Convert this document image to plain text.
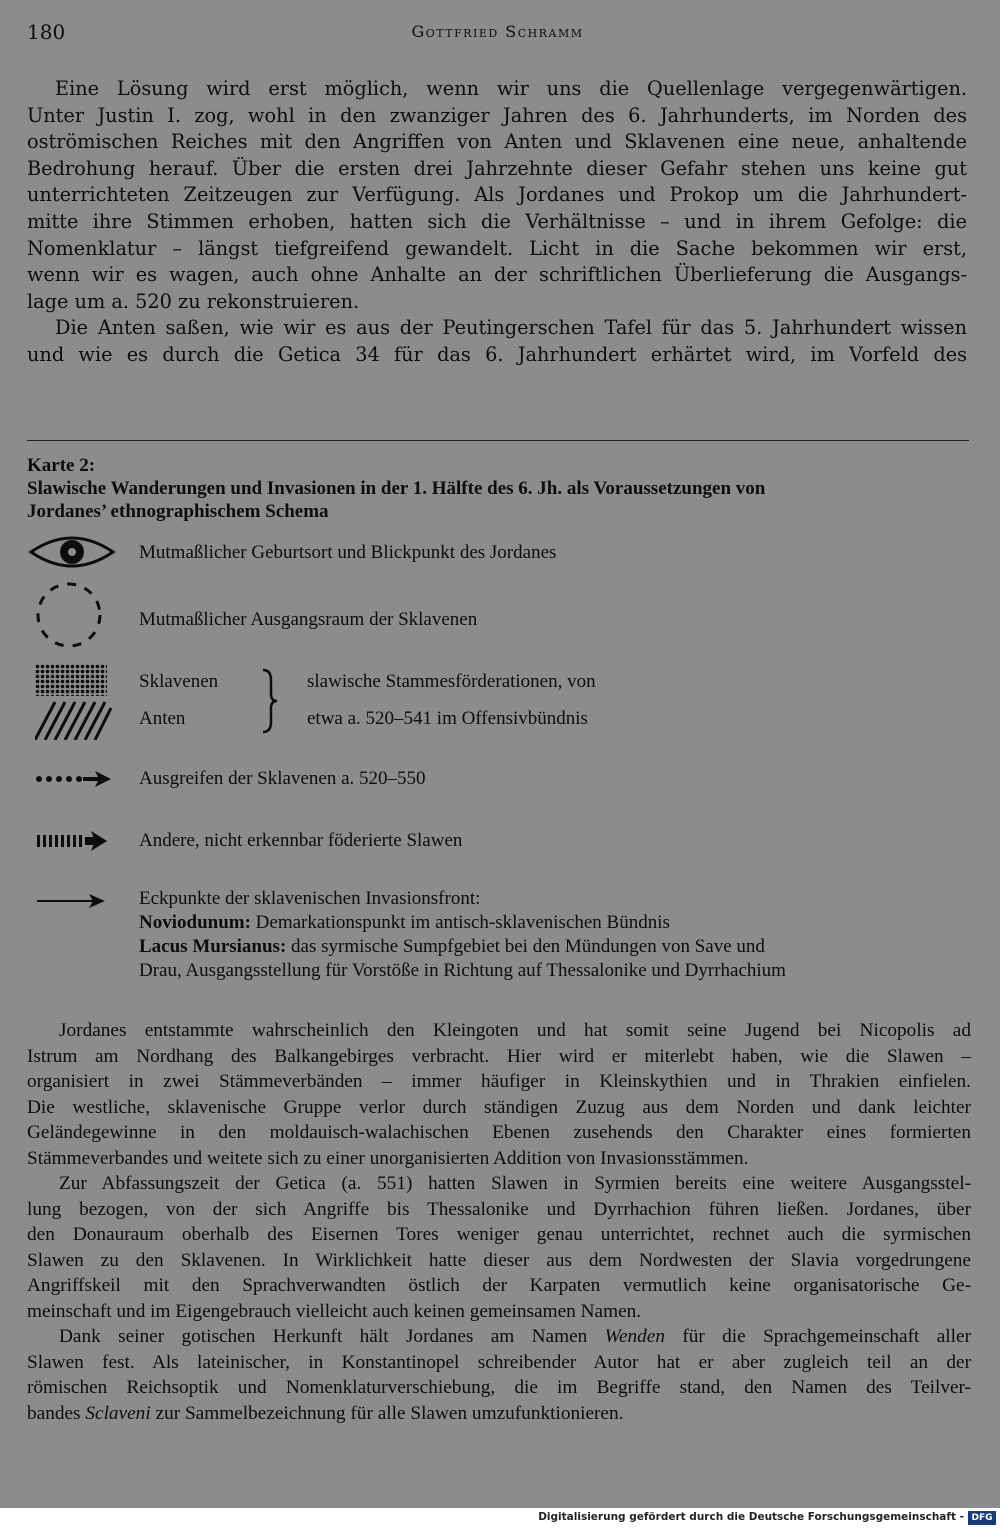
180	Gottfried Schramm

Eine Lösung wird erst möglich, wenn wir uns die Quellenlage vergegenwärtigen.
Unter Justin I. zog, wohl in den zwanziger Jahren des 6. Jahrhunderts, im Norden des
oströmischen Reiches mit den Angriffen von Anten und Sklavenen eine neue, anhaltende
Bedrohung herauf. Über die ersten drei Jahrzehnte dieser Gefahr stehen uns keine gut
unterrichteten Zeitzeugen zur Verfügung. Als Jordanes und Prokop um die Jahrhundert-
mitte ihre Stimmen erhoben, hatten sich die Verhältnisse – und in ihrem Gefolge: die
Nomenklatur – längst tiefgreifend gewandelt. Licht in die Sache bekommen wir erst,
wenn wir es wagen, auch ohne Anhalte an der schriftlichen Überlieferung die Ausgangs-
lage um a. 520 zu rekonstruieren.

Die Anten saßen, wie wir es aus der Peutingerschen Tafel für das 5. Jahrhundert wissen
und wie es durch die Getica 34 für das 6. Jahrhundert erhärtet wird, im Vorfeld des

Karte 2:
Slawische Wanderungen und Invasionen in der 1. Hälfte des 6. Jh. als Voraussetzungen von
Jordanes’ ethnographischem Schema
Mutmaßlicher Geburtsort und Blickpunkt des Jordanes
Mutmaßlicher Ausgangsraum der Sklavenen
Sklavenen
Anten
slawische Stammesförderationen, von
etwa a. 520–541 im Offensivbündnis
Ausgreifen der Sklavenen a. 520–550
Andere, nicht erkennbar föderierte Slawen
Eckpunkte der sklavenischen Invasionsfront:
Noviodunum: Demarkationspunkt im antisch-sklavenischen Bündnis
Lacus Mursianus: das syrmische Sumpfgebiet bei den Mündungen von Save und
Drau, Ausgangsstellung für Vorstöße in Richtung auf Thessalonike und Dyrrhachium

Jordanes entstammte wahrscheinlich den Kleingoten und hat somit seine Jugend bei Nicopolis ad
Istrum am Nordhang des Balkangebirges verbracht. Hier wird er miterlebt haben, wie die Slawen –
organisiert in zwei Stämmeverbänden – immer häufiger in Kleinskythien und in Thrakien einfielen.
Die westliche, sklavenische Gruppe verlor durch ständigen Zuzug aus dem Norden und dank leichter
Geländegewinne in den moldauisch-walachischen Ebenen zusehends den Charakter eines formierten
Stämmeverbandes und weitete sich zu einer unorganisierten Addition von Invasionsstämmen.

Zur Abfassungszeit der Getica (a. 551) hatten Slawen in Syrmien bereits eine weitere Ausgangsstel-
lung bezogen, von der sich Angriffe bis Thessalonike und Dyrrhachion führen ließen. Jordanes, über
den Donauraum oberhalb des Eisernen Tores weniger genau unterrichtet, rechnet auch die syrmischen
Slawen zu den Sklavenen. In Wirklichkeit hatte dieser aus dem Nordwesten der Slavia vorgedrungene
Angriffskeil mit den Sprachverwandten östlich der Karpaten vermutlich keine organisatorische Ge-
meinschaft und im Eigengebrauch vielleicht auch keinen gemeinsamen Namen.

Dank seiner gotischen Herkunft hält Jordanes am Namen Wenden für die Sprachgemeinschaft aller
Slawen fest. Als lateinischer, in Konstantinopel schreibender Autor hat er aber zugleich teil an der
römischen Reichsoptik und Nomenklaturverschiebung, die im Begriffe stand, den Namen des Teilver-
bandes Sclaveni zur Sammelbezeichnung für alle Slawen umzufunktionieren.

Digitalisierung gefördert durch die Deutsche Forschungsgemeinschaft - DFG
